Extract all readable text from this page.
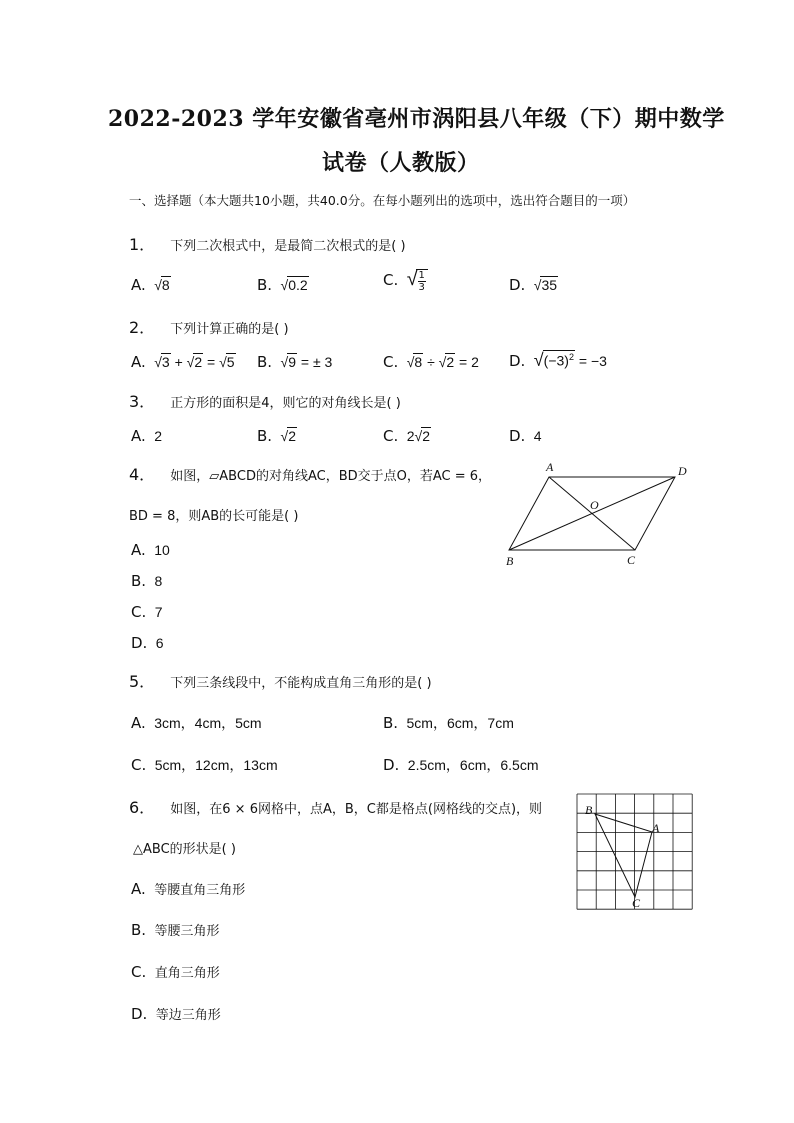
2022-2023 学年安徽省亳州市涡阳县八年级（下）期中数学
试卷（人教版）
一、选择题（本大题共10小题，共40.0分。在每小题列出的选项中，选出符合题目的一项）
1． 下列二次根式中，是最简二次根式的是( )
A. √8	B. √0.2	C. √
$\frac{1}{3}$	D. √35
2． 下列计算正确的是( )
A. √3 + √2 = √5 B. √9 = ± 3	C. √8 ÷ √2 = 2 D. $√(-3)^2 = -3$
3． 正方形的面积是4，则它的对角线长是( )
A. 2	B. √2	C. 2√2	D. 4
4． 如图，▱ABCD的对角线AC，BD交于点O，若AC = 6，
BD = 8，则AB的长可能是( )
A. 10
B. 8
C. 7
D. 6
A	D
O
B	C
5． 下列三条线段中，不能构成直角三角形的是( )
A. 3cm，4cm，5cm	B. 5cm，6cm，7cm
C. 5cm，12cm，13cm	D. 2.5cm，6cm，6.5cm
6． 如图，在6 × 6网格中，点A，B，C都是格点(网格线的交点)，则
△ABC的形状是( )
A. 等腰直角三角形
B. 等腰三角形
C. 直角三角形
D. 等边三角形
B
A
C
